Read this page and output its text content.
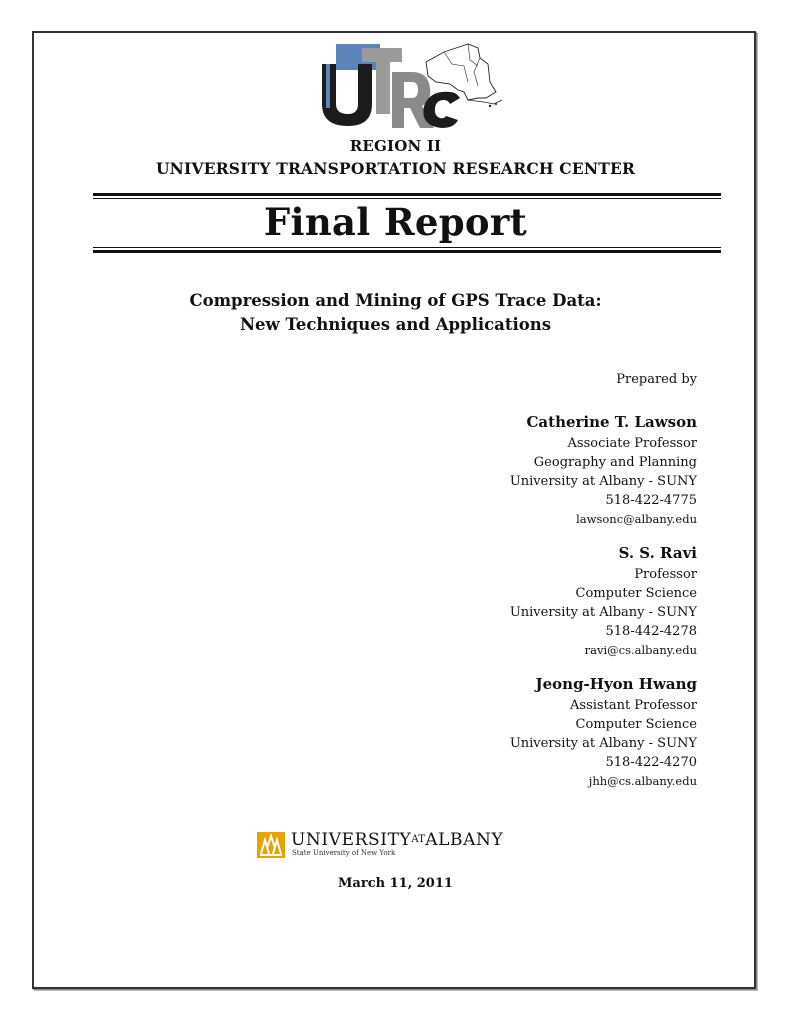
REGION II
UNIVERSITY TRANSPORTATION RESEARCH CENTER
Final Report
Compression and Mining of GPS Trace Data:
New Techniques and Applications
Prepared by
Catherine T. Lawson
Associate Professor
Geography and Planning
University at Albany - SUNY
518-422-4775
lawsonc@albany.edu
S. S. Ravi
Professor
Computer Science
University at Albany - SUNY
518-442-4278
ravi@cs.albany.edu
Jeong-Hyon Hwang
Assistant Professor
Computer Science
University at Albany - SUNY
518-422-4270
jhh@cs.albany.edu
UNIVERSITYATALBANY
State University of New York
March 11, 2011
